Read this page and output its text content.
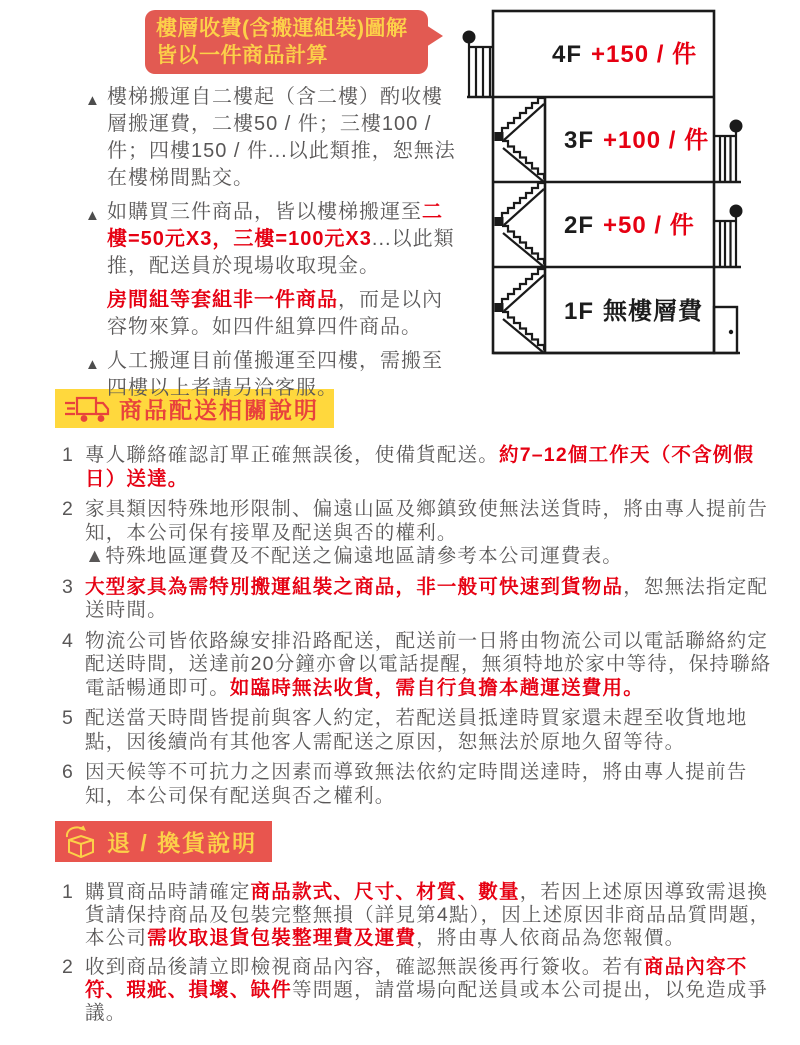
樓層收費(含搬運組裝)圖解
皆以一件商品計算

▲ 樓梯搬運自二樓起（含二樓）酌收樓層搬運費，二樓50 / 件；三樓100 / 件；四樓150 / 件...以此類推，恕無法在樓梯間點交。

▲ 如購買三件商品，皆以樓梯搬運至二樓=50元X3，三樓=100元X3...以此類推，配送員於現場收取現金。

房間組等套組非一件商品，而是以內容物來算。如四件組算四件商品。

▲ 人工搬運目前僅搬運至四樓，需搬至四樓以上者請另洽客服。

4F +150 / 件
3F +100 / 件
2F +50 / 件
1F 無樓層費
商品配送相關說明

1 專人聯絡確認訂單正確無誤後，使備貨配送。約7–12個工作天（不含例假日）送達。

2 家具類因特殊地形限制、偏遠山區及鄉鎮致使無法送貨時，將由專人提前告知，本公司保有接單及配送與否的權利。
▲特殊地區運費及不配送之偏遠地區請參考本公司運費表。

3 大型家具為需特別搬運組裝之商品，非一般可快速到貨物品，恕無法指定配送時間。

4 物流公司皆依路線安排沿路配送，配送前一日將由物流公司以電話聯絡約定配送時間，送達前20分鐘亦會以電話提醒，無須特地於家中等待，保持聯絡電話暢通即可。如臨時無法收貨，需自行負擔本趟運送費用。

5 配送當天時間皆提前與客人約定，若配送員抵達時買家還未趕至收貨地地點，因後續尚有其他客人需配送之原因，恕無法於原地久留等待。

6 因天候等不可抗力之因素而導致無法依約定時間送達時，將由專人提前告知，本公司保有配送與否之權利。

退 / 換貨說明

1 購買商品時請確定商品款式、尺寸、材質、數量，若因上述原因導致需退換貨請保持商品及包裝完整無損（詳見第4點），因上述原因非商品品質問題，本公司需收取退貨包裝整理費及運費，將由專人依商品為您報價。

2 收到商品後請立即檢視商品內容，確認無誤後再行簽收。若有商品內容不符、瑕疵、損壞、缺件等問題，請當場向配送員或本公司提出，以免造成爭議。
